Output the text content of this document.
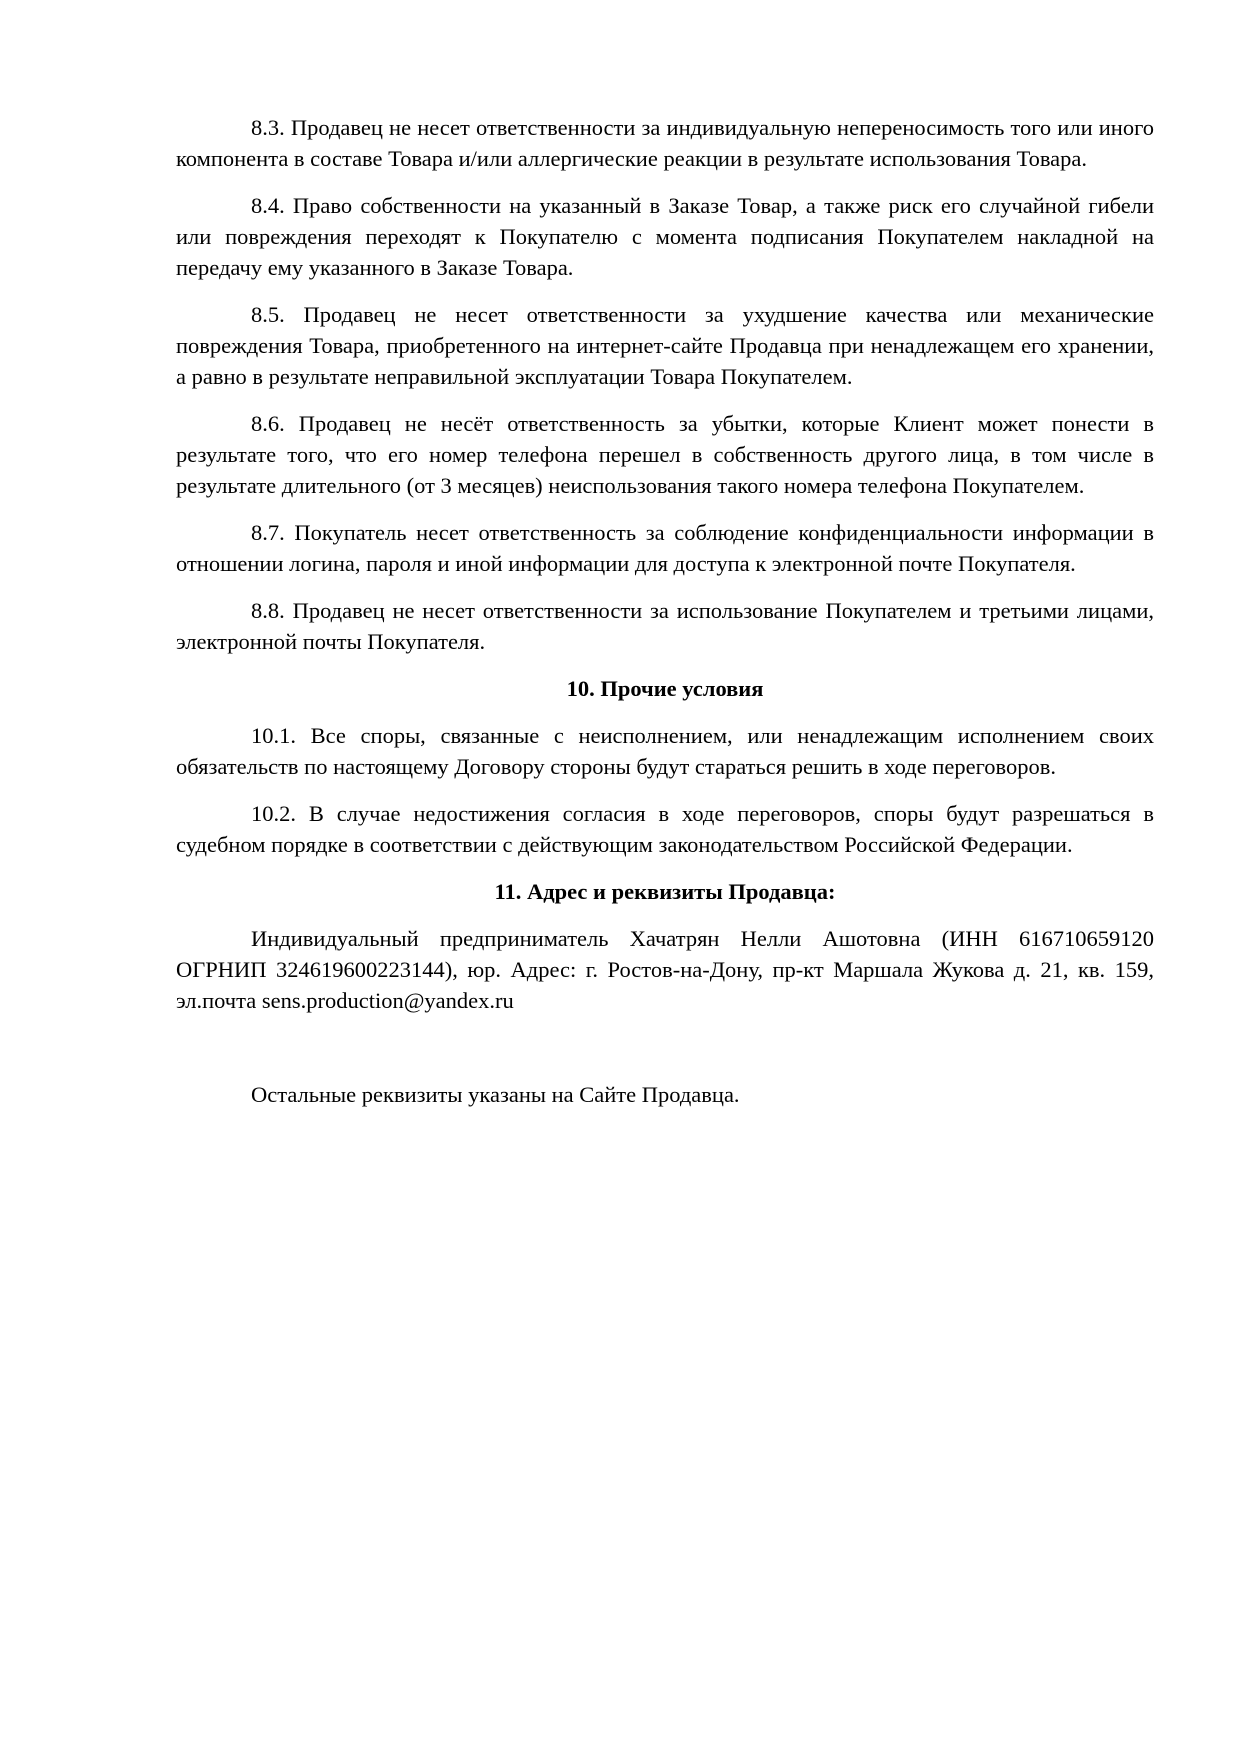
8.3. Продавец не несет ответственности за индивидуальную непереносимость того или иного компонента в составе Товара и/или аллергические реакции в результате использования Товара.

8.4. Право собственности на указанный в Заказе Товар, а также риск его случайной гибели или повреждения переходят к Покупателю с момента подписания Покупателем накладной на передачу ему указанного в Заказе Товара.

8.5. Продавец не несет ответственности за ухудшение качества или механические повреждения Товара, приобретенного на интернет-сайте Продавца при ненадлежащем его хранении, а равно в результате неправильной эксплуатации Товара Покупателем.

8.6. Продавец не несёт ответственность за убытки, которые Клиент может понести в результате того, что его номер телефона перешел в собственность другого лица, в том числе в результате длительного (от 3 месяцев) неиспользования такого номера телефона Покупателем.

8.7. Покупатель несет ответственность за соблюдение конфиденциальности информации в отношении логина, пароля и иной информации для доступа к электронной почте Покупателя.

8.8. Продавец не несет ответственности за использование Покупателем и третьими лицами, электронной почты Покупателя.

10. Прочие условия

10.1. Все споры, связанные с неисполнением, или ненадлежащим исполнением своих обязательств по настоящему Договору стороны будут стараться решить в ходе переговоров.

10.2. В случае недостижения согласия в ходе переговоров, споры будут разрешаться в судебном порядке в соответствии с действующим законодательством Российской Федерации.

11. Адрес и реквизиты Продавца:

Индивидуальный предприниматель Хачатрян Нелли Ашотовна (ИНН 616710659120 ОГРНИП 324619600223144), юр. Адрес: г. Ростов-на-Дону, пр-кт Маршала Жукова д. 21, кв. 159, эл.почта sens.production@yandex.ru

Остальные реквизиты указаны на Сайте Продавца.
